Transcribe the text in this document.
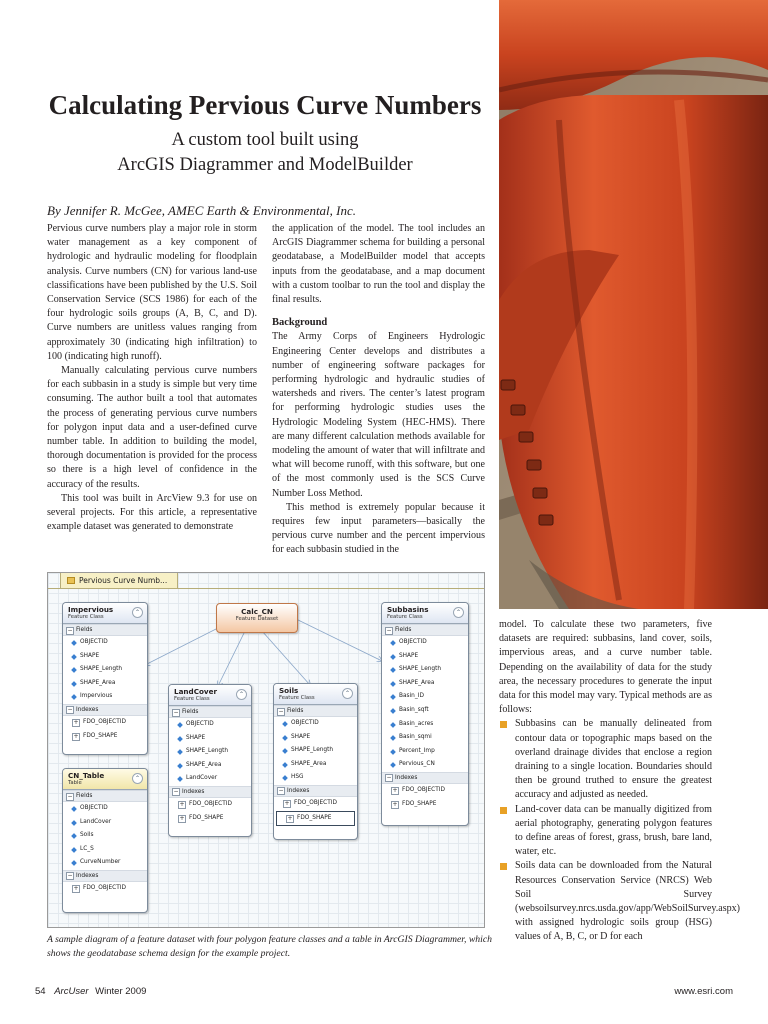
Calculating Pervious Curve Numbers
A custom tool built using
ArcGIS Diagrammer and ModelBuilder

By Jennifer R. McGee, AMEC Earth & Environmental, Inc.

Pervious curve numbers play a major role in storm water management as a key component of hydrologic and hydraulic modeling for floodplain analysis. Curve numbers (CN) for various land-use classifications have been published by the U.S. Soil Conservation Service (SCS 1986) for each of the four hydrologic soils groups (A, B, C, and D). Curve numbers are unitless values ranging from approximately 30 (indicating high infiltration) to 100 (indicating high runoff).

Manually calculating pervious curve numbers for each subbasin in a study is simple but very time consuming. The author built a tool that automates the process of generating pervious curve numbers for polygon input data and a user-defined curve number table. In addition to building the model, thorough documentation is provided for the process so there is a high level of confidence in the accuracy of the results.

This tool was built in ArcView 9.3 for use on several projects. For this article, a representative example dataset was generated to demonstrate

the application of the model. The tool includes an ArcGIS Diagrammer schema for building a personal geodatabase, a ModelBuilder model that accepts inputs from the geodatabase, and a map document with a custom toolbar to run the tool and display the final results.

Background

The Army Corps of Engineers Hydrologic Engineering Center develops and distributes a number of engineering software packages for performing hydrologic and hydraulic studies of watersheds and rivers. The center’s latest program for performing hydrologic studies uses the Hydrologic Modeling System (HEC-HMS). There are many different calculation methods available for modeling the amount of water that will infiltrate and what will become runoff, with this software, but one of the most commonly used is the SCS Curve Number Loss Method.

This method is extremely popular because it requires few input parameters—basically the pervious curve number and the percent impervious for each subbasin studied in the

model. To calculate these two parameters, five datasets are required: subbasins, land cover, soils, impervious areas, and a curve number table. Depending on the availability of data for the study area, the necessary procedures to generate the input data for this model may vary. Typical methods are as follows:

Subbasins can be manually delineated from contour data or topographic maps based on the overland drainage divides that enclose a region draining to a single location. Boundaries should then be ground truthed to ensure the greatest accuracy and adjusted as needed.
Land-cover data can be manually digitized from aerial photography, generating polygon features to define areas of forest, grass, brush, bare land, water, etc.
Soils data can be downloaded from the Natural Resources Conservation Service (NRCS) Web Soil Survey (websoilsurvey.nrcs.usda.gov/app/WebSoilSurvey.aspx) with assigned hydrologic soils group (HSG) values of A, B, C, or D for each
Pervious Curve Numb...
Calc_CN
Feature Dataset
Impervious
Feature Class
⌃
− Fields
OBJECTID
SHAPE
SHAPE_Length
SHAPE_Area
Impervious
− Indexes
+ FDO_OBJECTID
+ FDO_SHAPE
CN_Table
Table
⌃
− Fields
OBJECTID
LandCover
Soils
LC_S
CurveNumber
− Indexes
+ FDO_OBJECTID
LandCover
Feature Class
⌃
− Fields
OBJECTID
SHAPE
SHAPE_Length
SHAPE_Area
LandCover
− Indexes
+ FDO_OBJECTID
+ FDO_SHAPE
Soils
Feature Class
⌃
− Fields
OBJECTID
SHAPE
SHAPE_Length
SHAPE_Area
HSG
− Indexes
+ FDO_OBJECTID
+ FDO_SHAPE
Subbasins
Feature Class
⌃
− Fields
OBJECTID
SHAPE
SHAPE_Length
SHAPE_Area
Basin_ID
Basin_sqft
Basin_acres
Basin_sqmi
Percent_Imp
Pervious_CN
− Indexes
+ FDO_OBJECTID
+ FDO_SHAPE

A sample diagram of a feature dataset with four polygon feature classes and a table in ArcGIS Diagrammer, which shows the geodatabase schema design for the example project.

54 ArcUser Winter 2009	www.esri.com
